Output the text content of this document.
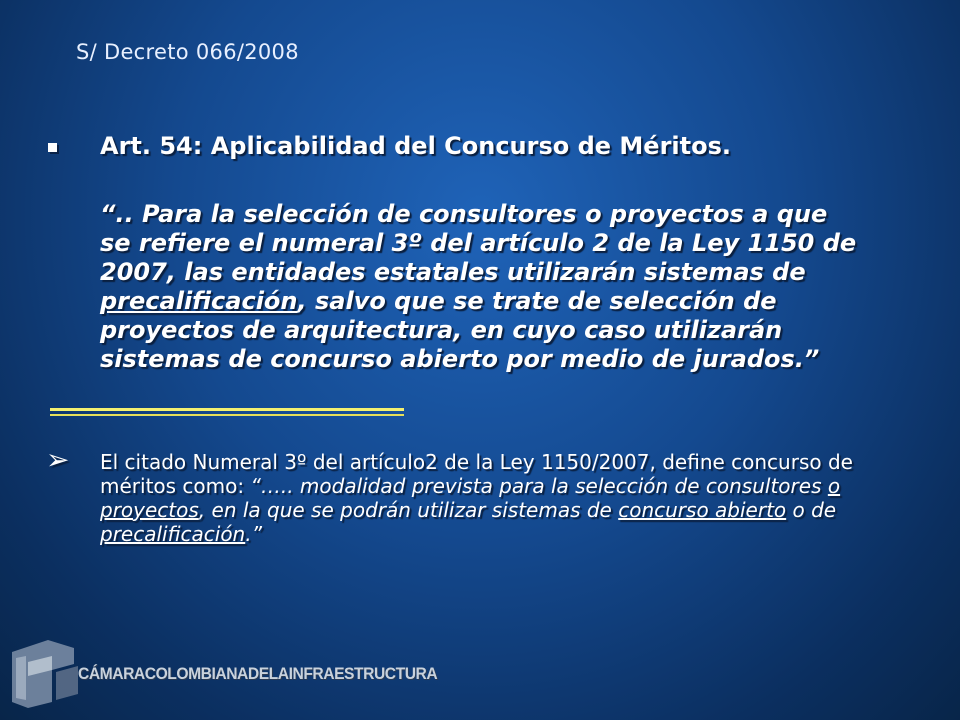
S/ Decreto 066/2008
Art. 54: Aplicabilidad del Concurso de Méritos.
“.. Para la selección de consultores o proyectos a que se refiere el numeral 3º del artículo 2 de la Ley 1150 de 2007, las entidades estatales utilizarán sistemas de precalificación, salvo que se trate de selección de proyectos de arquitectura, en cuyo caso utilizarán sistemas de concurso abierto por medio de jurados.”
➢ El citado Numeral 3º del artículo2 de la Ley 1150/2007, define concurso de méritos como: “….. modalidad prevista para la selección de consultores o proyectos, en la que se podrán utilizar sistemas de concurso abierto o de precalificación.”
CÁMARACOLOMBIANADELAINFRAESTRUCTURA
